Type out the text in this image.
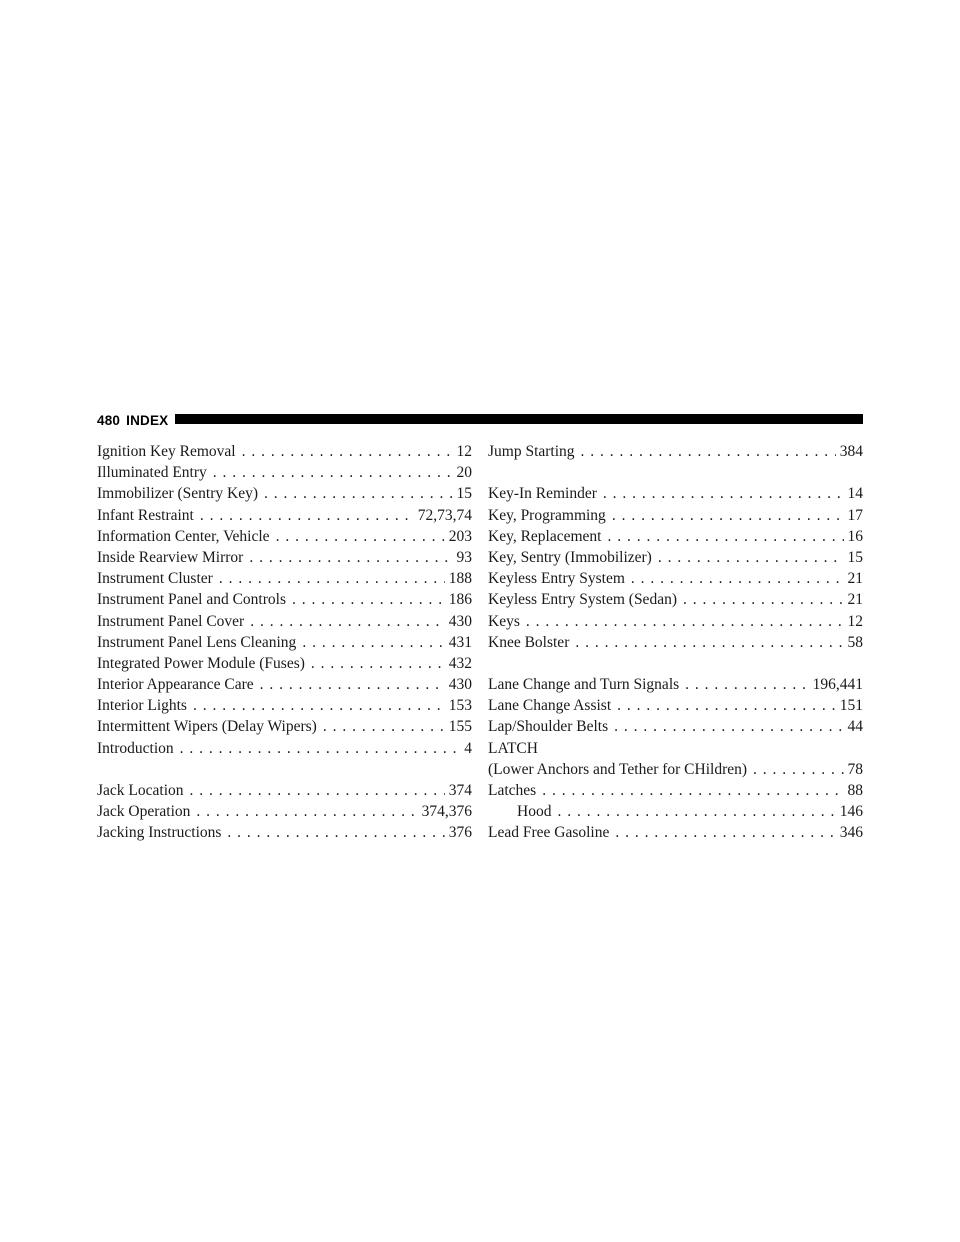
480 INDEX
Ignition Key Removal . . .	12
Illuminated Entry . . .	20
Immobilizer (Sentry Key) . . .	15
Infant Restraint . . .	72,73,74
Information Center, Vehicle . . .	203
Inside Rearview Mirror . . .	93
Instrument Cluster . . .	188
Instrument Panel and Controls . . .	186
Instrument Panel Cover . . .	430
Instrument Panel Lens Cleaning . . .	431
Integrated Power Module (Fuses) . . .	432
Interior Appearance Care . . .	430
Interior Lights . . .	153
Intermittent Wipers (Delay Wipers) . . .	155
Introduction . . .	4
Jack Location . . .	374
Jack Operation . . .	374,376
Jacking Instructions . . .	376
Jump Starting . . .	384
Key-In Reminder . . .	14
Key, Programming . . .	17
Key, Replacement . . .	16
Key, Sentry (Immobilizer) . . .	15
Keyless Entry System . . .	21
Keyless Entry System (Sedan) . . .	21
Keys . . .	12
Knee Bolster . . .	58
Lane Change and Turn Signals . . .	196,441
Lane Change Assist . . .	151
Lap/Shoulder Belts . . .	44
LATCH
(Lower Anchors and Tether for CHildren) . . .	78
Latches . . .	88
Hood . . .	146
Lead Free Gasoline . . .	346
